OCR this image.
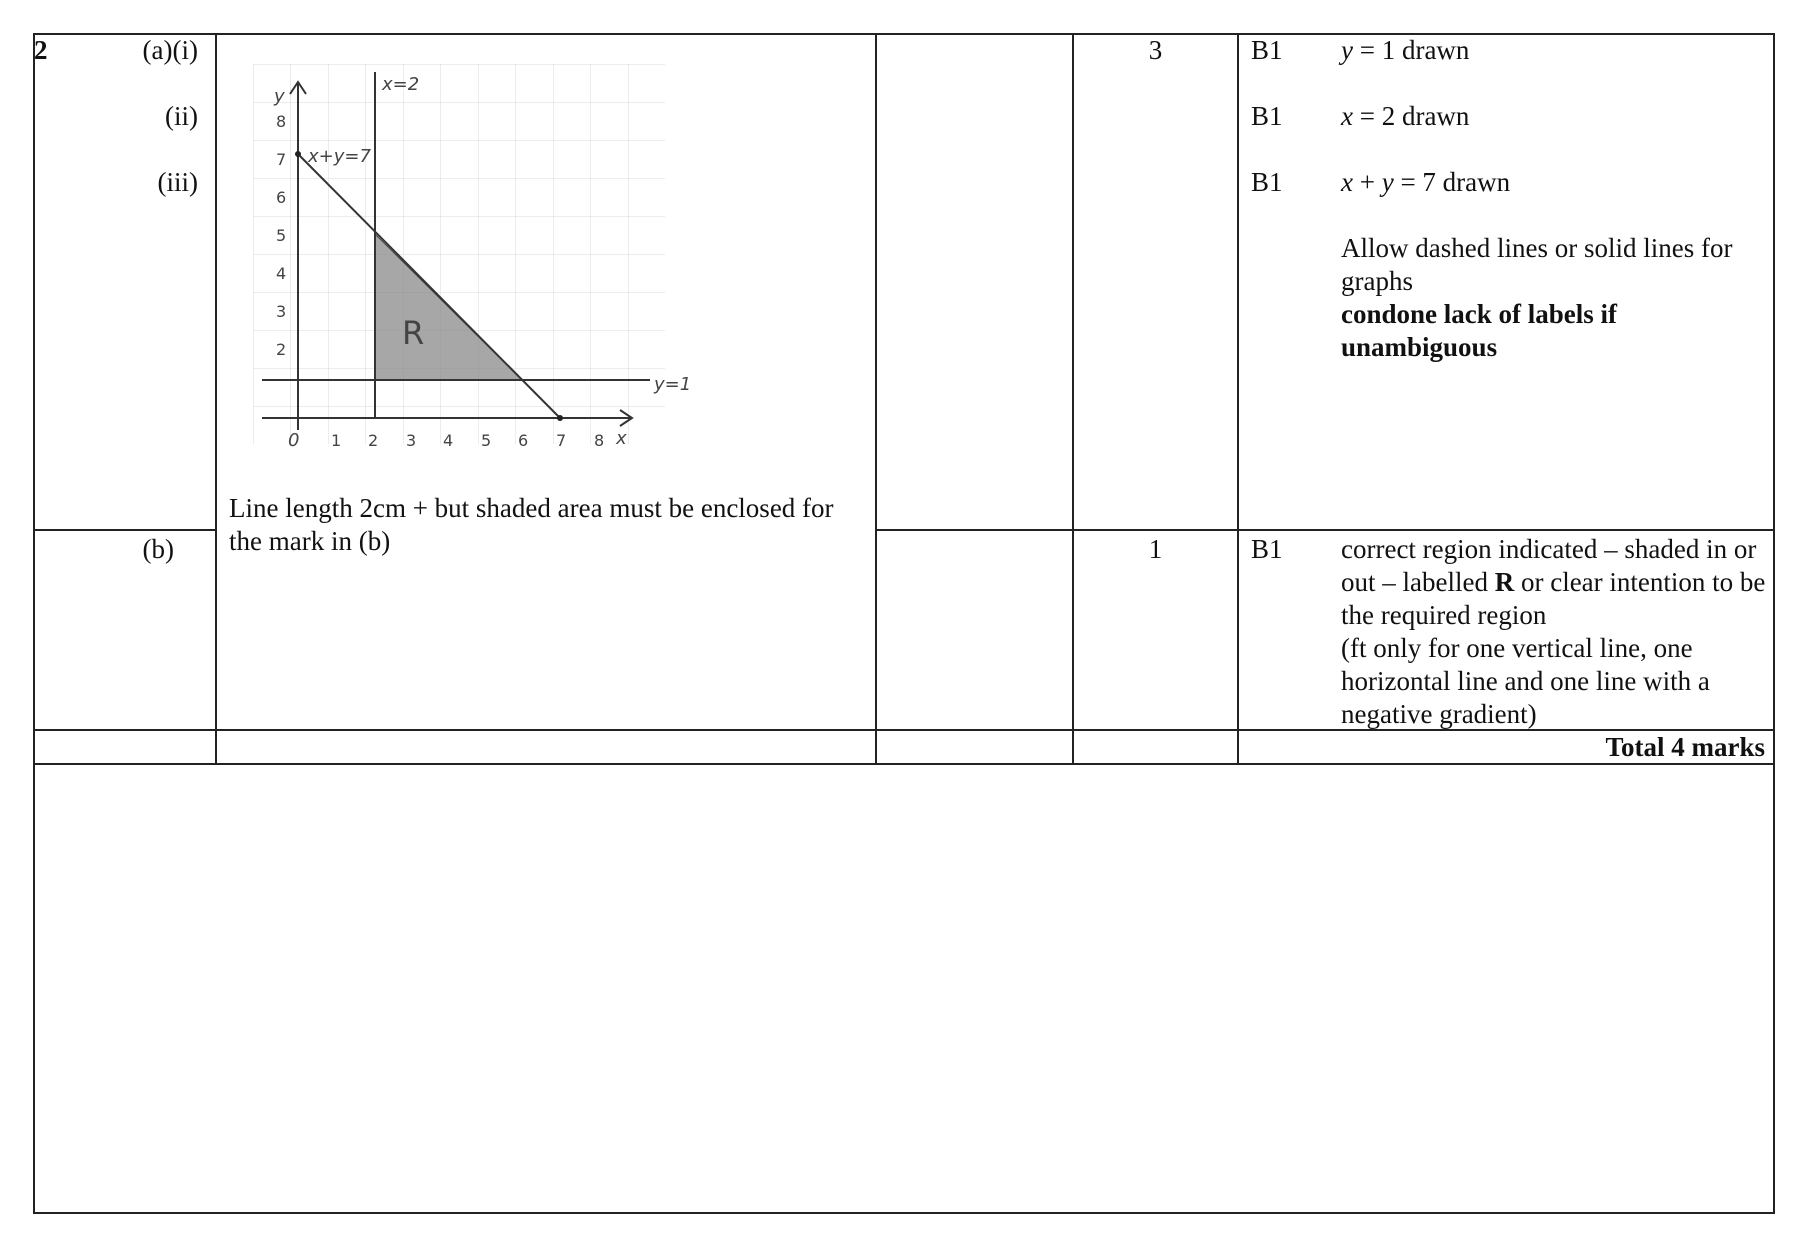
2	(a)(i)
(ii)
(iii)
(b)
0 1 2 3 4 5 6 7 8 x
2
3
4
5
6
7
8
y
x=2
y=1
x+y=7
R
Line length 2cm + but shaded area must be enclosed for the mark in (b)
3
1
B1
B1
B1
B1
y = 1 drawn
x = 2 drawn
x + y = 7 drawn
Allow dashed lines or solid lines for graphs
condone lack of labels if unambiguous
correct region indicated – shaded in or out – labelled R or clear intention to be the required region
(ft only for one vertical line, one horizontal line and one line with a negative gradient)
Total 4 marks
